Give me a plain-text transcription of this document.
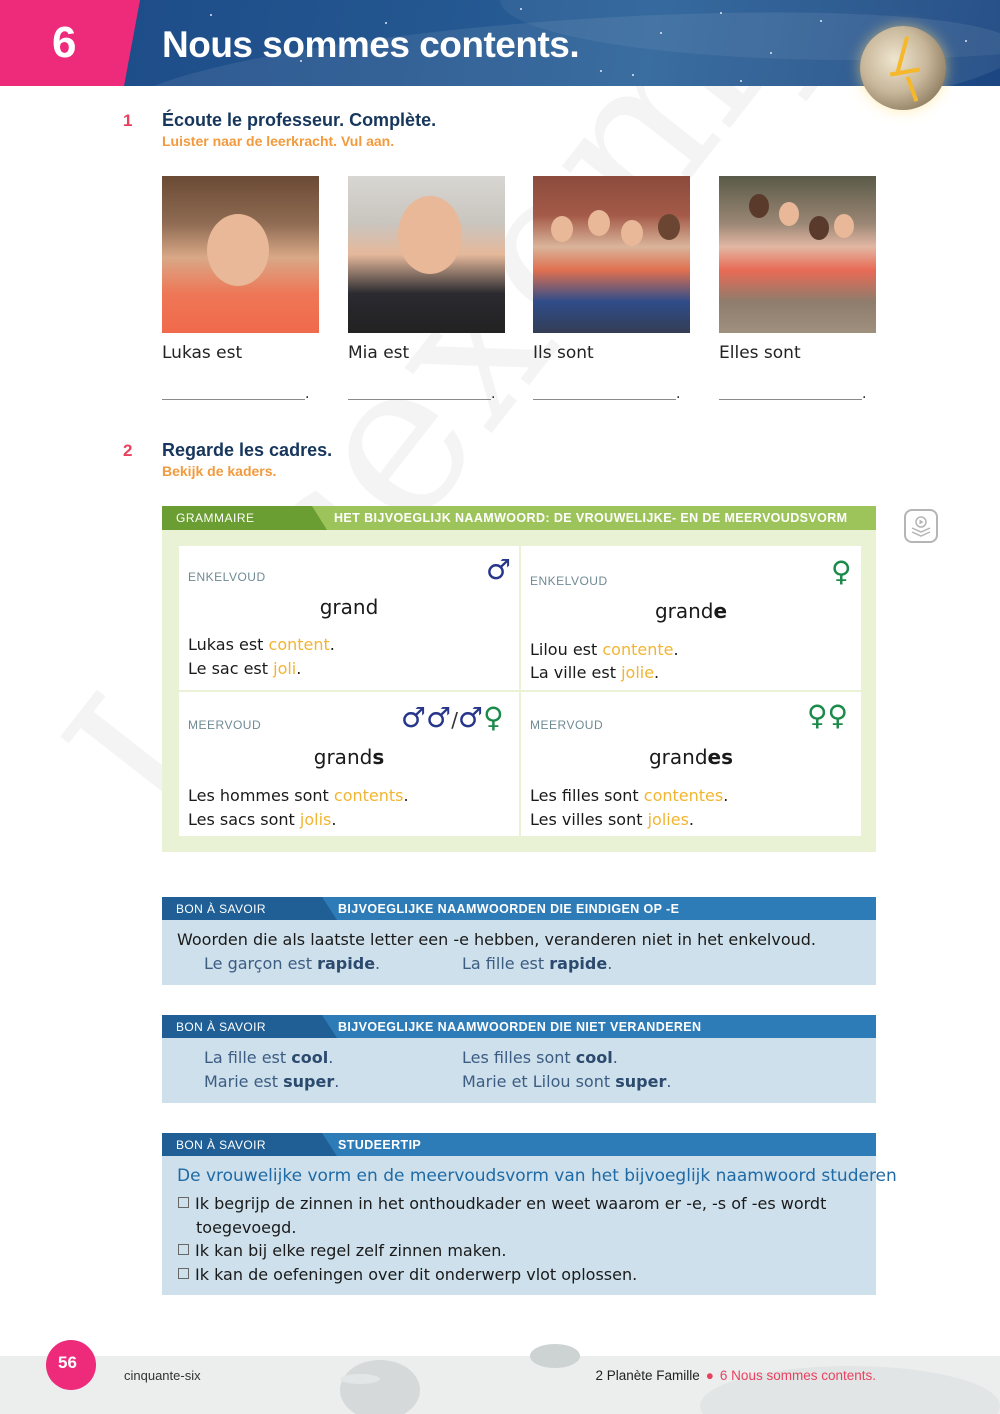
6 Nous sommes contents.
1 Écoute le professeur. Complète.
Luister naar de leerkracht. Vul aan.
Lukas est	Mia est	Ils sont	Elles sont
.	.	.	.
2 Regarde les cadres.
Bekijk de kaders.
GRAMMAIRE	HET BIJVOEGLIJK NAAMWOORD: DE VROUWELIJKE- EN DE MEERVOUDSVORM
ENKELVOUD	♂
grand
Lukas est content.
Le sac est joli.
ENKELVOUD	♀
grande
Lilou est contente.
La ville est jolie.
MEERVOUD	♂♂/♂♀
grands
Les hommes sont contents.
Les sacs sont jolis.
MEERVOUD	♀♀
grandes
Les filles sont contentes.
Les villes sont jolies.
BON À SAVOIR	BIJVOEGLIJKE NAAMWOORDEN DIE EINDIGEN OP -E
Woorden die als laatste letter een -e hebben, veranderen niet in het enkelvoud.
Le garçon est rapide.	La fille est rapide.
BON À SAVOIR	BIJVOEGLIJKE NAAMWOORDEN DIE NIET VERANDEREN
La fille est cool.	Les filles sont cool.
Marie est super.	Marie et Lilou sont super.
BON À SAVOIR	STUDEERTIP
De vrouwelijke vorm en de meervoudsvorm van het bijvoeglijk naamwoord studeren
Ik begrijp de zinnen in het onthoudkader en weet waarom er -e, -s of -es wordt
toegevoegd.
Ik kan bij elke regel zelf zinnen maken.
Ik kan de oefeningen over dit onderwerp vlot oplossen.
56
cinquante-six	2 Planète Famille ● 6 Nous sommes contents.
